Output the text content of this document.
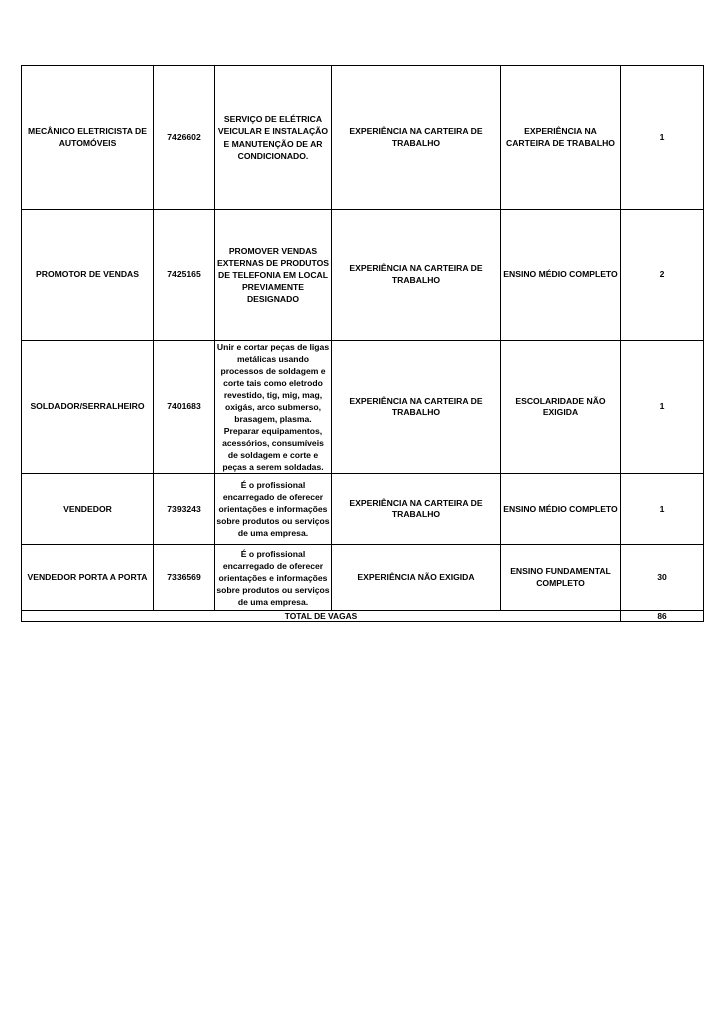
MECÂNICO ELETRICISTA DE AUTOMÓVEIS	7426602	SERVIÇO DE ELÉTRICA VEICULAR E INSTALAÇÃO E MANUTENÇÃO DE AR CONDICIONADO.	EXPERIÊNCIA NA CARTEIRA DE TRABALHO	EXPERIÊNCIA NA CARTEIRA DE TRABALHO	1
PROMOTOR DE VENDAS	7425165	PROMOVER VENDAS EXTERNAS DE PRODUTOS DE TELEFONIA EM LOCAL PREVIAMENTE DESIGNADO	EXPERIÊNCIA NA CARTEIRA DE TRABALHO	ENSINO MÉDIO COMPLETO	2
SOLDADOR/SERRALHEIRO	7401683	Unir e cortar peças de ligas metálicas usando processos de soldagem e corte tais como eletrodo revestido, tig, mig, mag, oxigás, arco submerso, brasagem, plasma. Preparar equipamentos, acessórios, consumíveis de soldagem e corte e peças a serem soldadas.	EXPERIÊNCIA NA CARTEIRA DE TRABALHO	ESCOLARIDADE NÃO EXIGIDA	1
VENDEDOR	7393243	É o profissional encarregado de oferecer orientações e informações sobre produtos ou serviços de uma empresa.	EXPERIÊNCIA NA CARTEIRA DE TRABALHO	ENSINO MÉDIO COMPLETO	1
VENDEDOR PORTA A PORTA	7336569	É o profissional encarregado de oferecer orientações e informações sobre produtos ou serviços de uma empresa.	EXPERIÊNCIA NÃO EXIGIDA	ENSINO FUNDAMENTAL COMPLETO	30
TOTAL DE VAGAS					86
